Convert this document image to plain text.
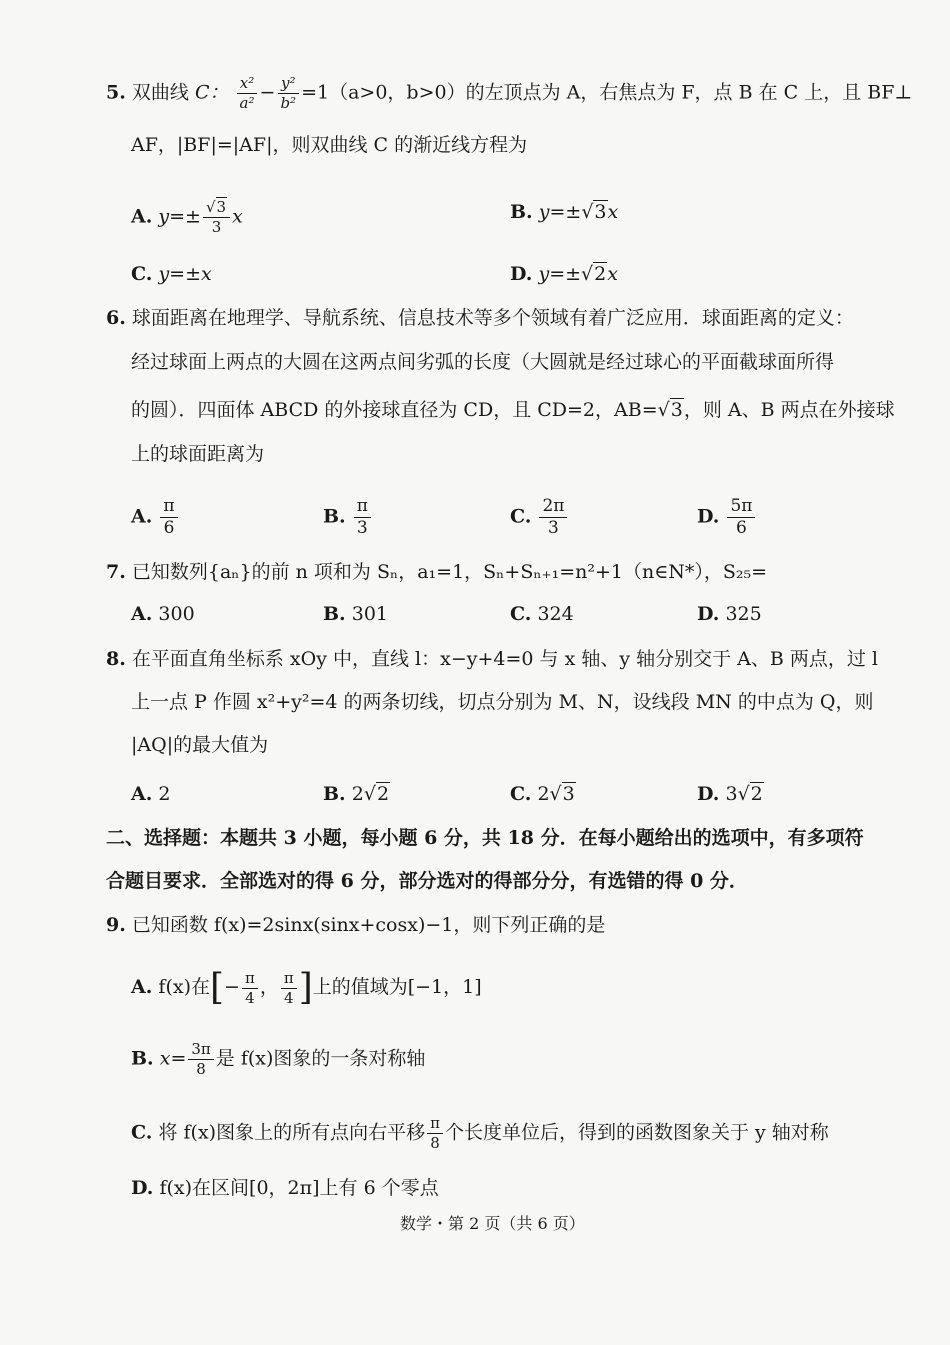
5. 双曲线 C： $\frac{\text{x²}}{\text{a²}} - \frac{\text{y²}}{\text{b²}} =1(a>0$，b>0）的左顶点为 A，右焦点为 F，点 B 在 C 上，且 BF⊥
AF，|BF|=|AF|，则双曲线 C 的渐近线方程为
A. $y=\pm \frac{√3}{3}$ x	B. y=±√3x
C. y=±x	D. y=±√2x
6. 球面距离在地理学、导航系统、信息技术等多个领域有着广泛应用．球面距离的定义：
经过球面上两点的大圆在这两点间劣弧的长度（大圆就是经过球心的平面截球面所得
的圆）．四面体 ABCD 的外接球直径为 CD，且 CD=2，AB=√3，则 A、B 两点在外接球
上的球面距离为
A. $\frac{\pi}{6}$	B. $\frac{\pi}{3}$	C. $\frac{2\pi}{3}$	D. $\frac{5\pi}{6}$
7. 已知数列{aₙ}的前 n 项和为 Sₙ，a₁=1，Sₙ+Sₙ₊₁=n²+1（n∈N*），S₂₅=
A. 300	B. 301	C. 324	D. 325
8. 在平面直角坐标系 xOy 中，直线 l：x−y+4=0 与 x 轴、y 轴分别交于 A、B 两点，过 l
上一点 P 作圆 x²+y²=4 的两条切线，切点分别为 M、N，设线段 MN 的中点为 Q，则
|AQ|的最大值为
A. 2	B. 2√2	C. 2√3	D. 3√2
二、选择题：本题共 3 小题，每小题 6 分，共 18 分．在每小题给出的选项中，有多项符
合题目要求．全部选对的得 6 分，部分选对的得部分分，有选错的得 0 分．
9. 已知函数 f(x)=2sinx(sinx+cosx)−1，则下列正确的是
A. f(x)在[− $\frac{\pi}{4}$ ， $\frac{\pi}{4}$ ]上的值域为[−1，1]
B. $x= \frac{3\pi}{8}$ 是 f(x)图象的一条对称轴
C. 将 f(x)图象上的所有点向右平移 $\frac{\pi}{8}$ 个长度单位后，得到的函数图象关于 y 轴对称
D. f(x)在区间[0，2π]上有 6 个零点
数学・第 2 页（共 6 页）
